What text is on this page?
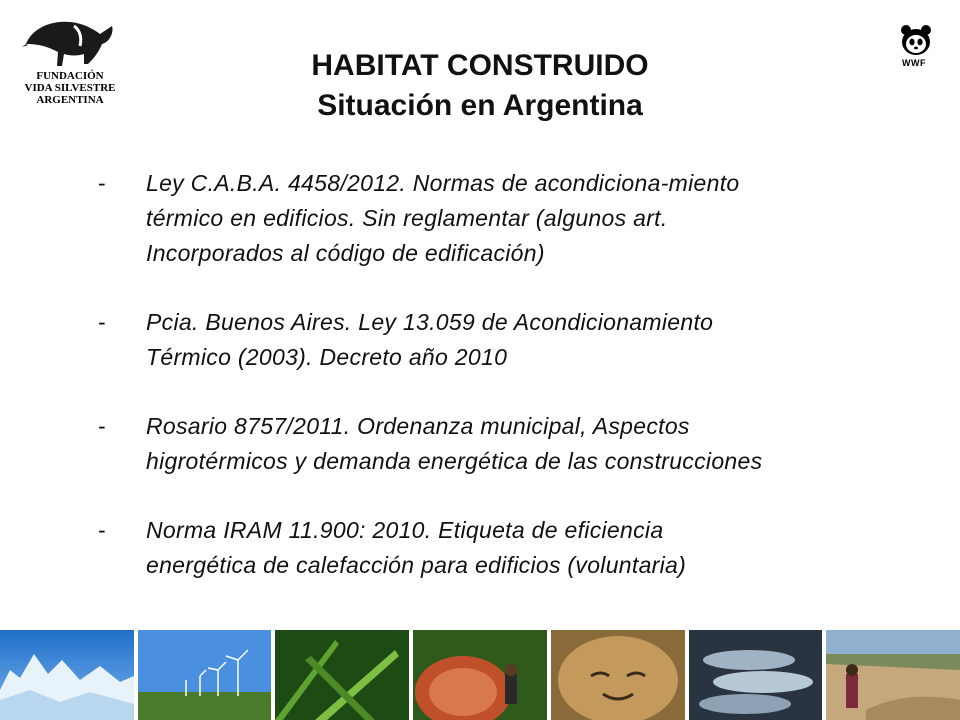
FUNDACIÓN
VIDA SILVESTRE
ARGENTINA
WWF
HABITAT CONSTRUIDO
Situación en Argentina
- Ley C.A.B.A. 4458/2012. Normas de acondiciona-miento
térmico en edificios. Sin reglamentar (algunos art.
Incorporados al código de edificación)
- Pcia. Buenos Aires. Ley 13.059 de Acondicionamiento
Térmico (2003). Decreto año 2010
- Rosario 8757/2011. Ordenanza municipal, Aspectos
higrotérmicos y demanda energética de las construcciones
- Norma IRAM 11.900: 2010. Etiqueta de eficiencia
energética de calefacción para edificios (voluntaria)
